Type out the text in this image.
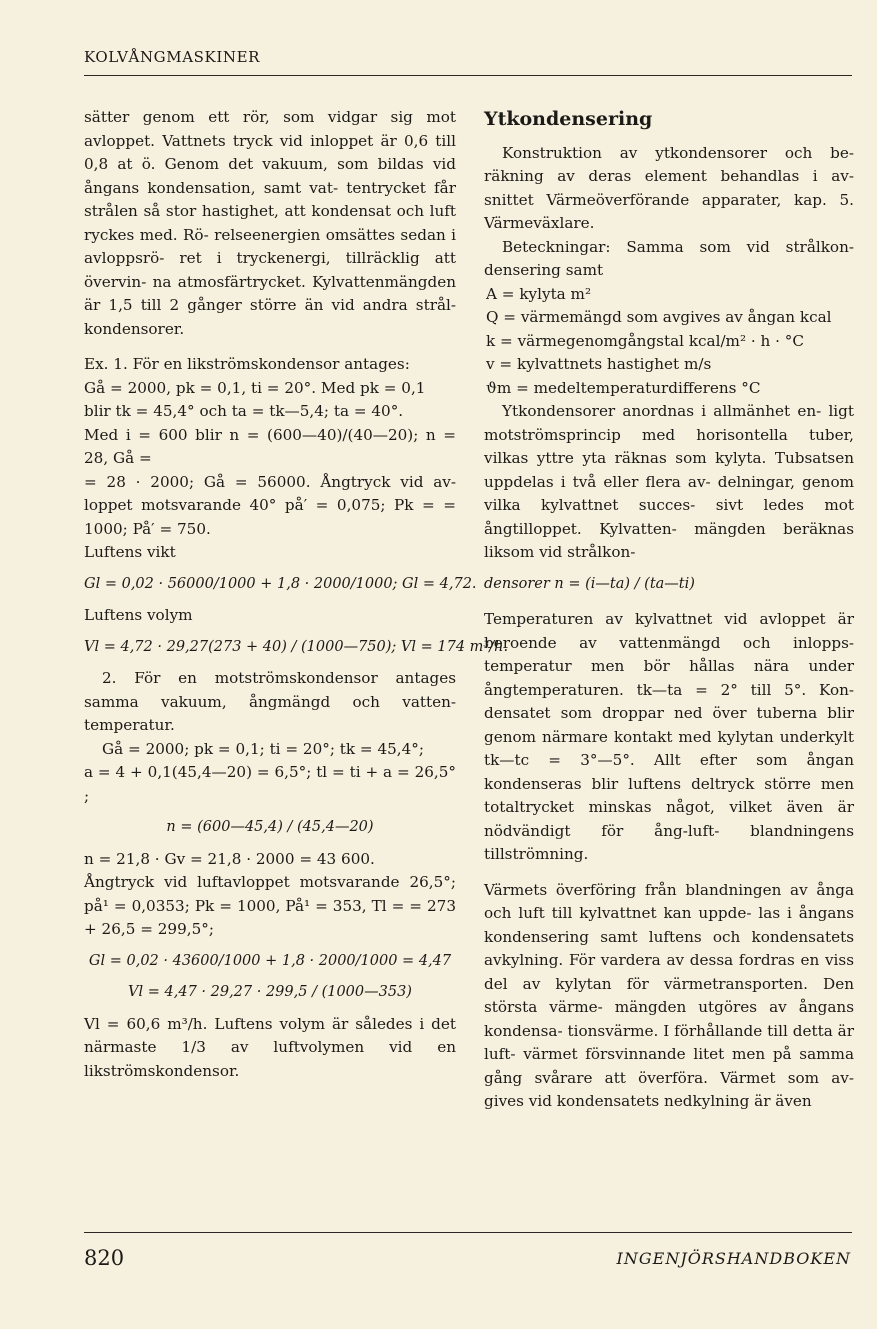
KOLVÅNGMASKINER

sätter genom ett rör, som vidgar sig mot avloppet. Vattnets tryck vid inloppet är 0,6 till 0,8 at ö. Genom det vakuum, som bildas vid ångans kondensation, samt vat- tentrycket får strålen så stor hastighet, att kondensat och luft ryckes med. Rö- relseenergien omsättes sedan i avloppsrö- ret i tryckenergi, tillräcklig att övervin- na atmosfärtrycket. Kylvattenmängden är 1,5 till 2 gånger större än vid andra strål- kondensorer.

Ex. 1. För en likströmskondensor antages:

Gå = 2000, pk = 0,1, ti = 20°. Med pk = 0,1

blir tk = 45,4° och ta = tk—5,4; ta = 40°.

Med i = 600 blir n = (600—40)/(40—20); n = 28, Gå =

= 28 · 2000; Gå = 56000. Ångtryck vid av- loppet motsvarande 40° på′ = 0,075; Pk = = 1000; På′ = 750.

Luftens vikt

Gl = 0,02 · 56000/1000 + 1,8 · 2000/1000; Gl = 4,72.

Luftens volym

Vl = 4,72 · 29,27(273 + 40) / (1000—750); Vl = 174 m³/h.

2. För en motströmskondensor antages samma vakuum, ångmängd och vatten- temperatur.

Gå = 2000; pk = 0,1; ti = 20°; tk = 45,4°;

a = 4 + 0,1(45,4—20) = 6,5°; tl = ti + a = 26,5° ;

n = (600—45,4) / (45,4—20)

n = 21,8 · Gv = 21,8 · 2000 = 43 600.

Ångtryck vid luftavloppet motsvarande 26,5°; på¹ = 0,0353; Pk = 1000, På¹ = 353, Tl = = 273 + 26,5 = 299,5°;

Gl = 0,02 · 43600/1000 + 1,8 · 2000/1000 = 4,47
Vl = 4,47 · 29,27 · 299,5 / (1000—353)

Vl = 60,6 m³/h. Luftens volym är således i det närmaste 1/3 av luftvolymen vid en likströmskondensor.

Ytkondensering

Konstruktion av ytkondensorer och be- räkning av deras element behandlas i av- snittet Värmeöverförande apparater, kap. 5. Värmeväxlare.

Beteckningar: Samma som vid strålkon- densering samt

A = kylyta m²
Q = värmemängd som avgives av ångan kcal
k = värmegenomgångstal kcal/m² · h · °C
v = kylvattnets hastighet m/s
ϑm = medeltemperaturdifferens °C

Ytkondensorer anordnas i allmänhet en- ligt motströmsprincip med horisontella tuber, vilkas yttre yta räknas som kylyta. Tubsatsen uppdelas i två eller flera av- delningar, genom vilka kylvattnet succes- sivt ledes mot ångtilloppet. Kylvatten- mängden beräknas liksom vid strålkon-

densorer n = (i—ta) / (ta—ti)

Temperaturen av kylvattnet vid avloppet är beroende av vattenmängd och inlopps- temperatur men bör hållas nära under ångtemperaturen. tk—ta = 2° till 5°. Kon- densatet som droppar ned över tuberna blir genom närmare kontakt med kylytan underkylt tk—tc = 3°—5°. Allt efter som ångan kondenseras blir luftens deltryck större men totaltrycket minskas något, vilket även är nödvändigt för ång-luft- blandningens tillströmning.

Värmets överföring från blandningen av ånga och luft till kylvattnet kan uppde- las i ångans kondensering samt luftens och kondensatets avkylning. För vardera av dessa fordras en viss del av kylytan för värmetransporten. Den största värme- mängden utgöres av ångans kondensa- tionsvärme. I förhållande till detta är luft- värmet försvinnande litet men på samma gång svårare att överföra. Värmet som av- gives vid kondensatets nedkylning är även

820	INGENJÖRSHANDBOKEN
